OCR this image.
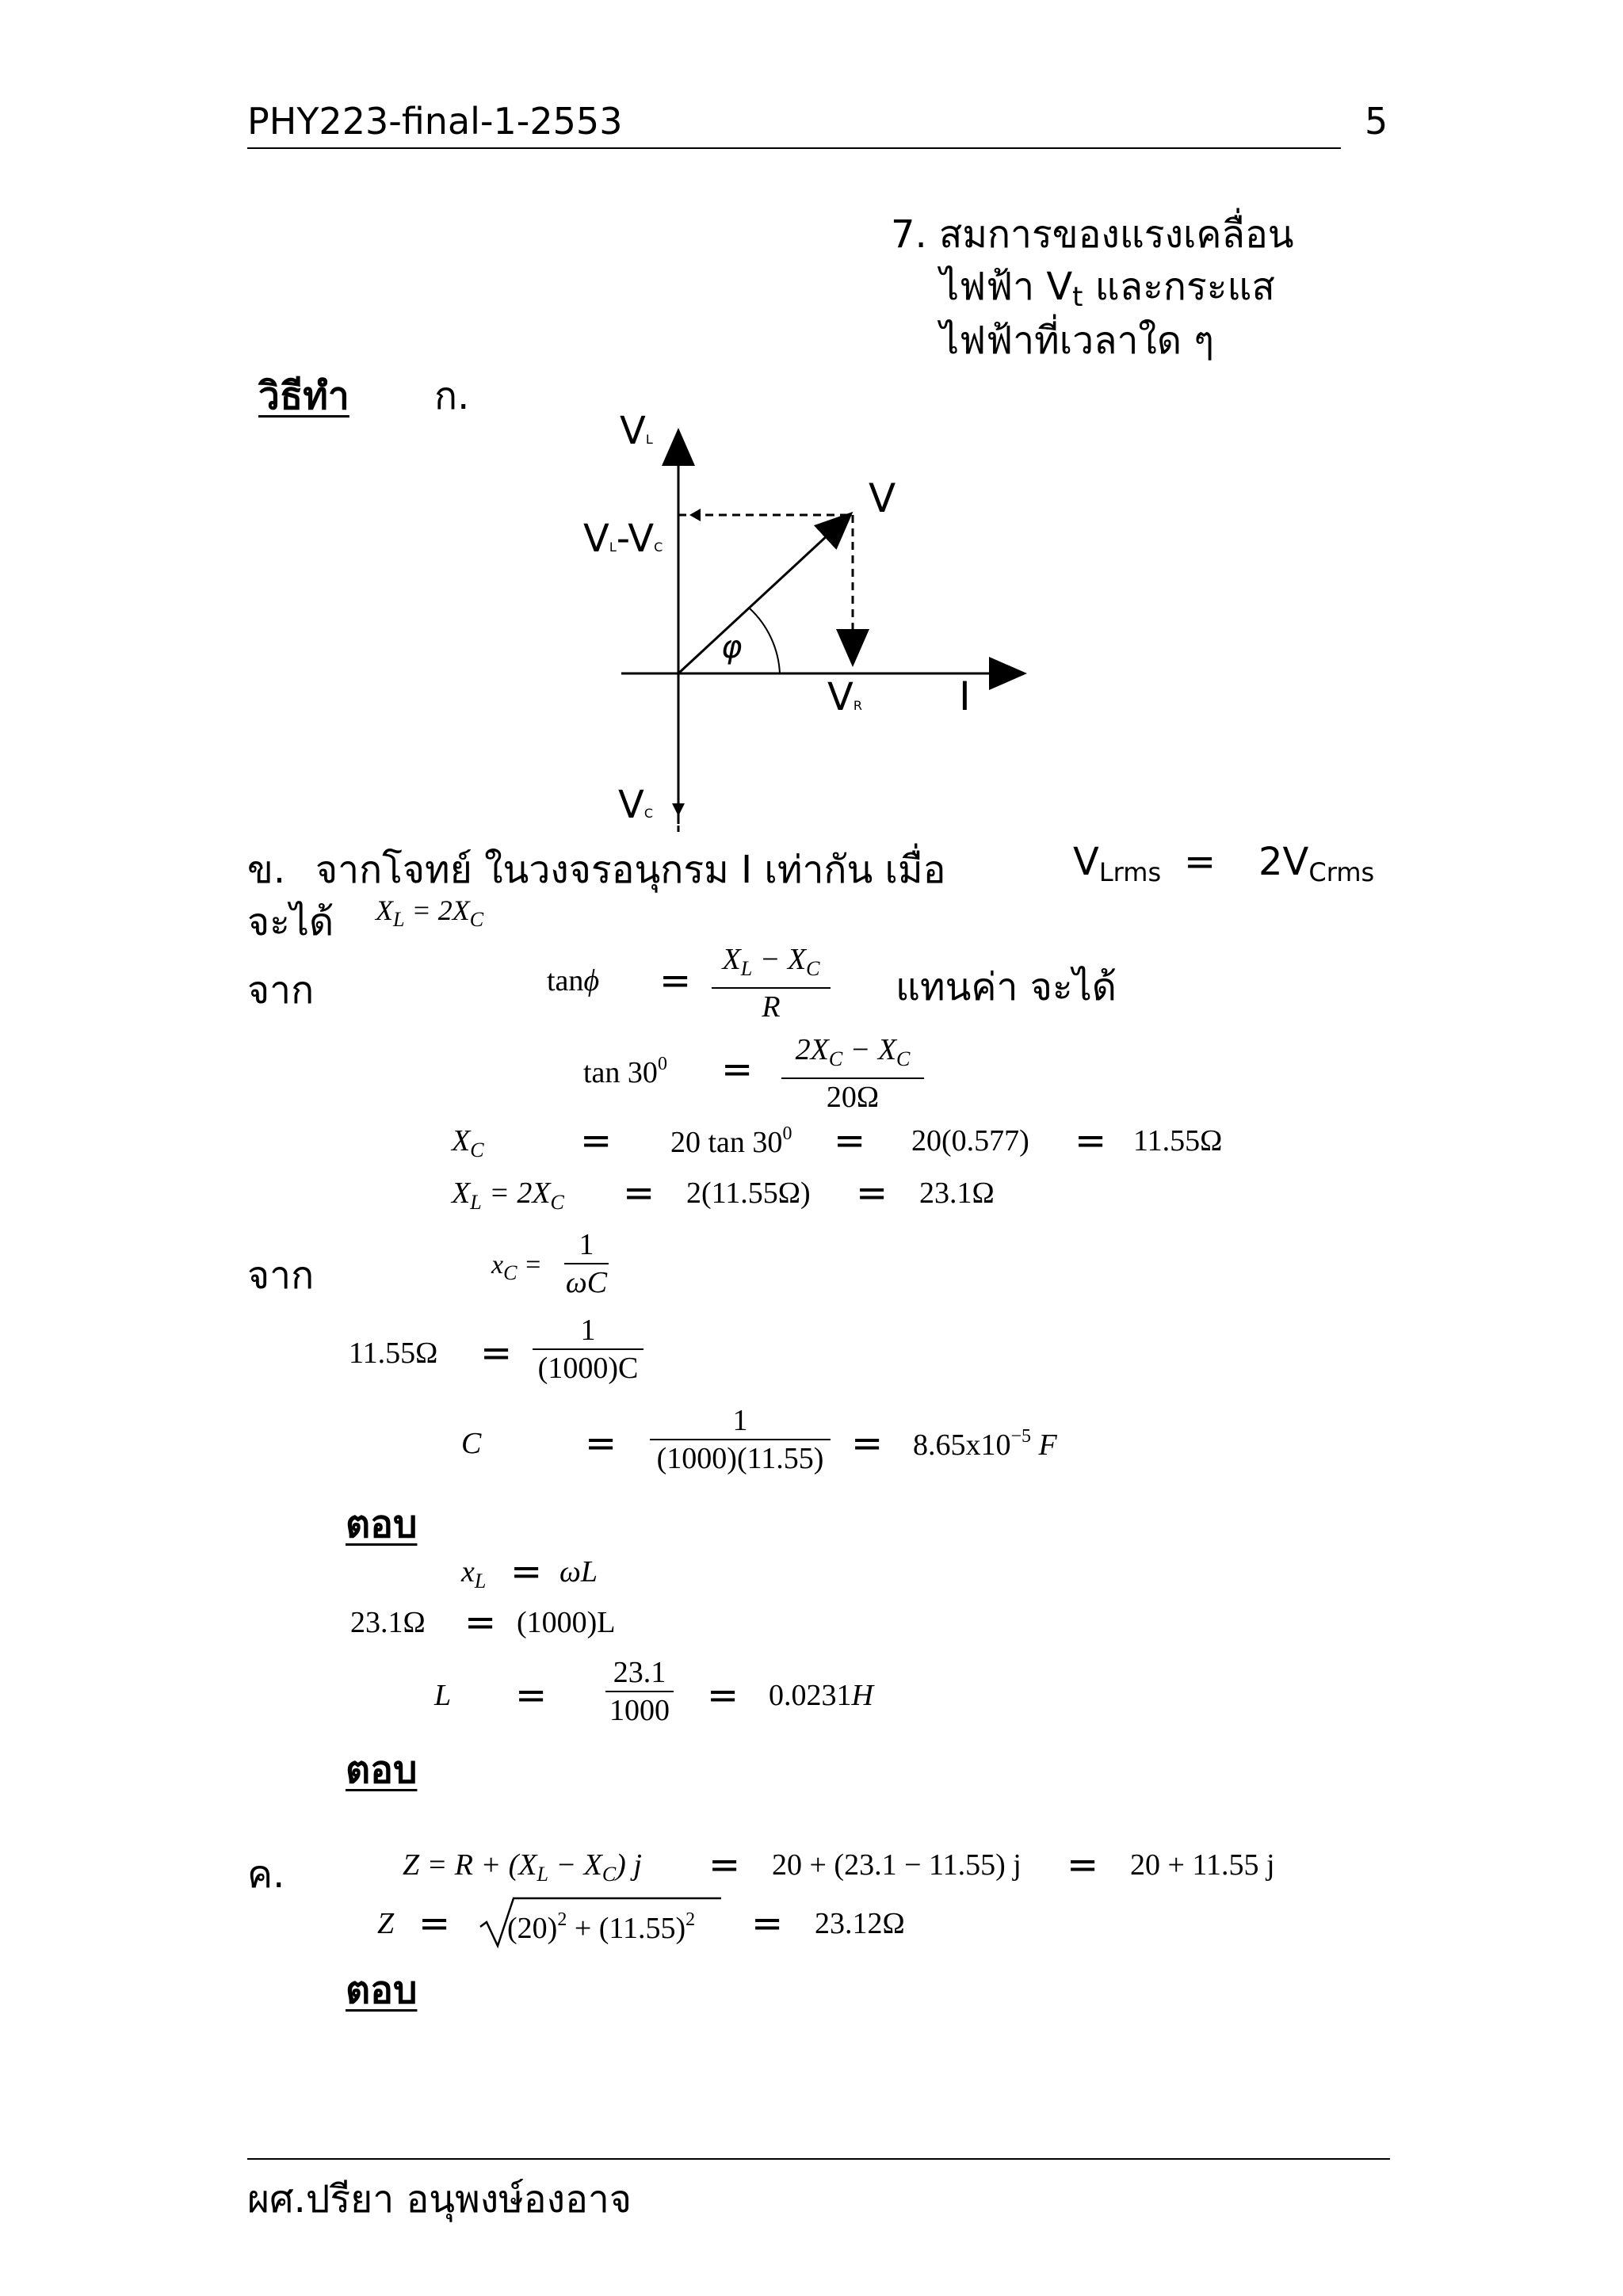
PHY223-final-1-2553	5
7. สมการของแรงเคลื่อน
ไฟฟ้า $V_t$ และกระแส
ไฟฟ้าที่เวลาใด ๆ
วิธีทำ ก.
VL
VL-VC
V
φ
VR I
VC
ข. จากโจทย์ ในวงจรอนุกรม I เท่ากัน เมื่อ	$V_{Lrms} = 2V_{Crms}$
จะได้ $X_L = 2X_C$
จาก	$\tan\phi = X_L - X_C$
R	แทนค่า จะได้
$\tan 30^0 = 2X_C - X_C$
20Ω
$X_C$	= 20 $\tan 30^0 = 20(0.577) = 11.55\Omega$
$X_L = 2X_C = 2(11.55\Omega) = 23.1\Omega$
จาก	$x_C$ =
1
ωC
11.55Ω =
1
(1000)C
C	=
1
$(1000)(11.55) = 8.65x10^{-5}$ F
ตอบ
$x_L = \omega L$
23.1Ω = (1000)L
L =
23.1
1000 = 0.0231H
ตอบ
ค.	$Z = R + (X_L - X_C) j = 20 + (23.1 - 11.55) j = 20 + 11.55$ j
$Z = (20)^2 + (11.55)^2 = 23.12\Omega$
ตอบ
ผศ.ปรียา อนุพงษ์องอาจ
